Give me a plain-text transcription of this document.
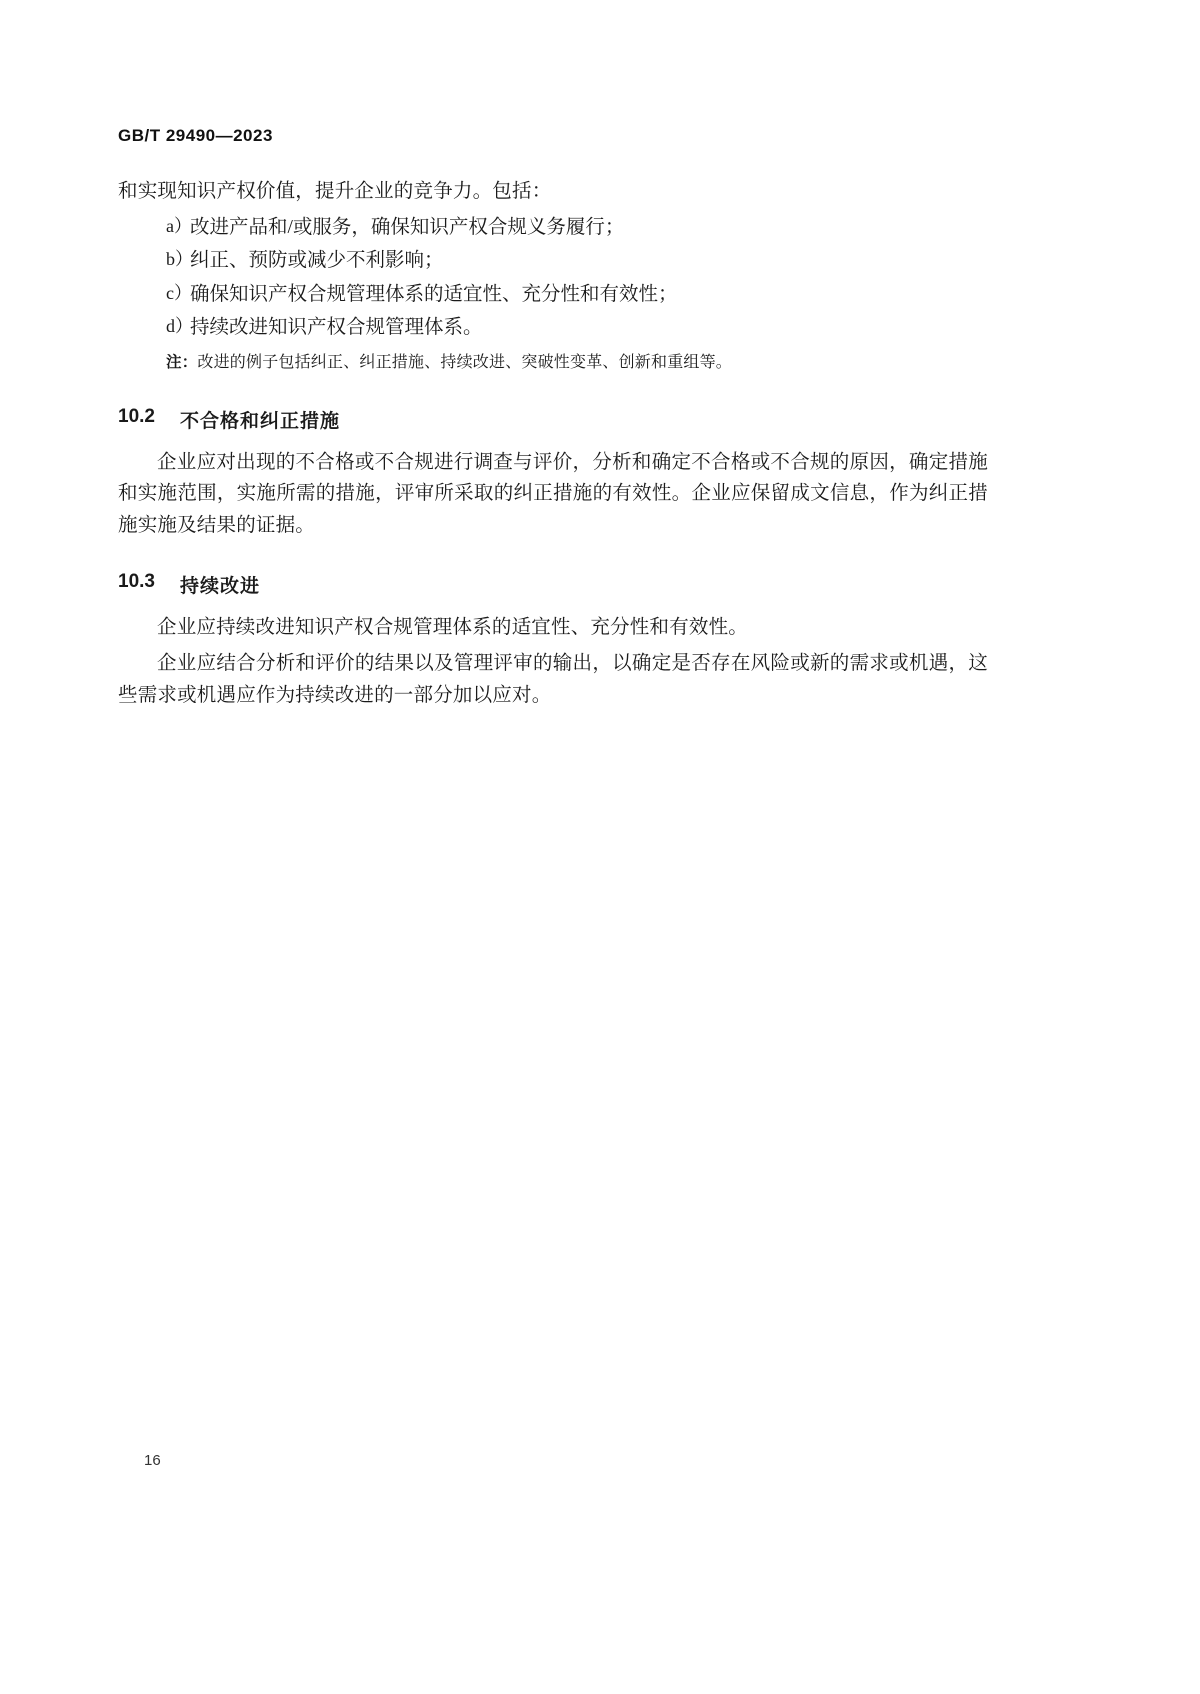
GB/T 29490—2023

和实现知识产权价值，提升企业的竞争力。包括：

a）
改进产品和/或服务，确保知识产权合规义务履行；
b）
纠正、预防或减少不利影响；
c）
确保知识产权合规管理体系的适宜性、充分性和有效性；
d）
持续改进知识产权合规管理体系。

注：改进的例子包括纠正、纠正措施、持续改进、突破性变革、创新和重组等。

10.2	不合格和纠正措施

企业应对出现的不合格或不合规进行调查与评价，分析和确定不合格或不合规的原因，确定措施和实施范围，实施所需的措施，评审所采取的纠正措施的有效性。企业应保留成文信息，作为纠正措施实施及结果的证据。

10.3	持续改进

企业应持续改进知识产权合规管理体系的适宜性、充分性和有效性。

企业应结合分析和评价的结果以及管理评审的输出，以确定是否存在风险或新的需求或机遇，这些需求或机遇应作为持续改进的一部分加以应对。

16
